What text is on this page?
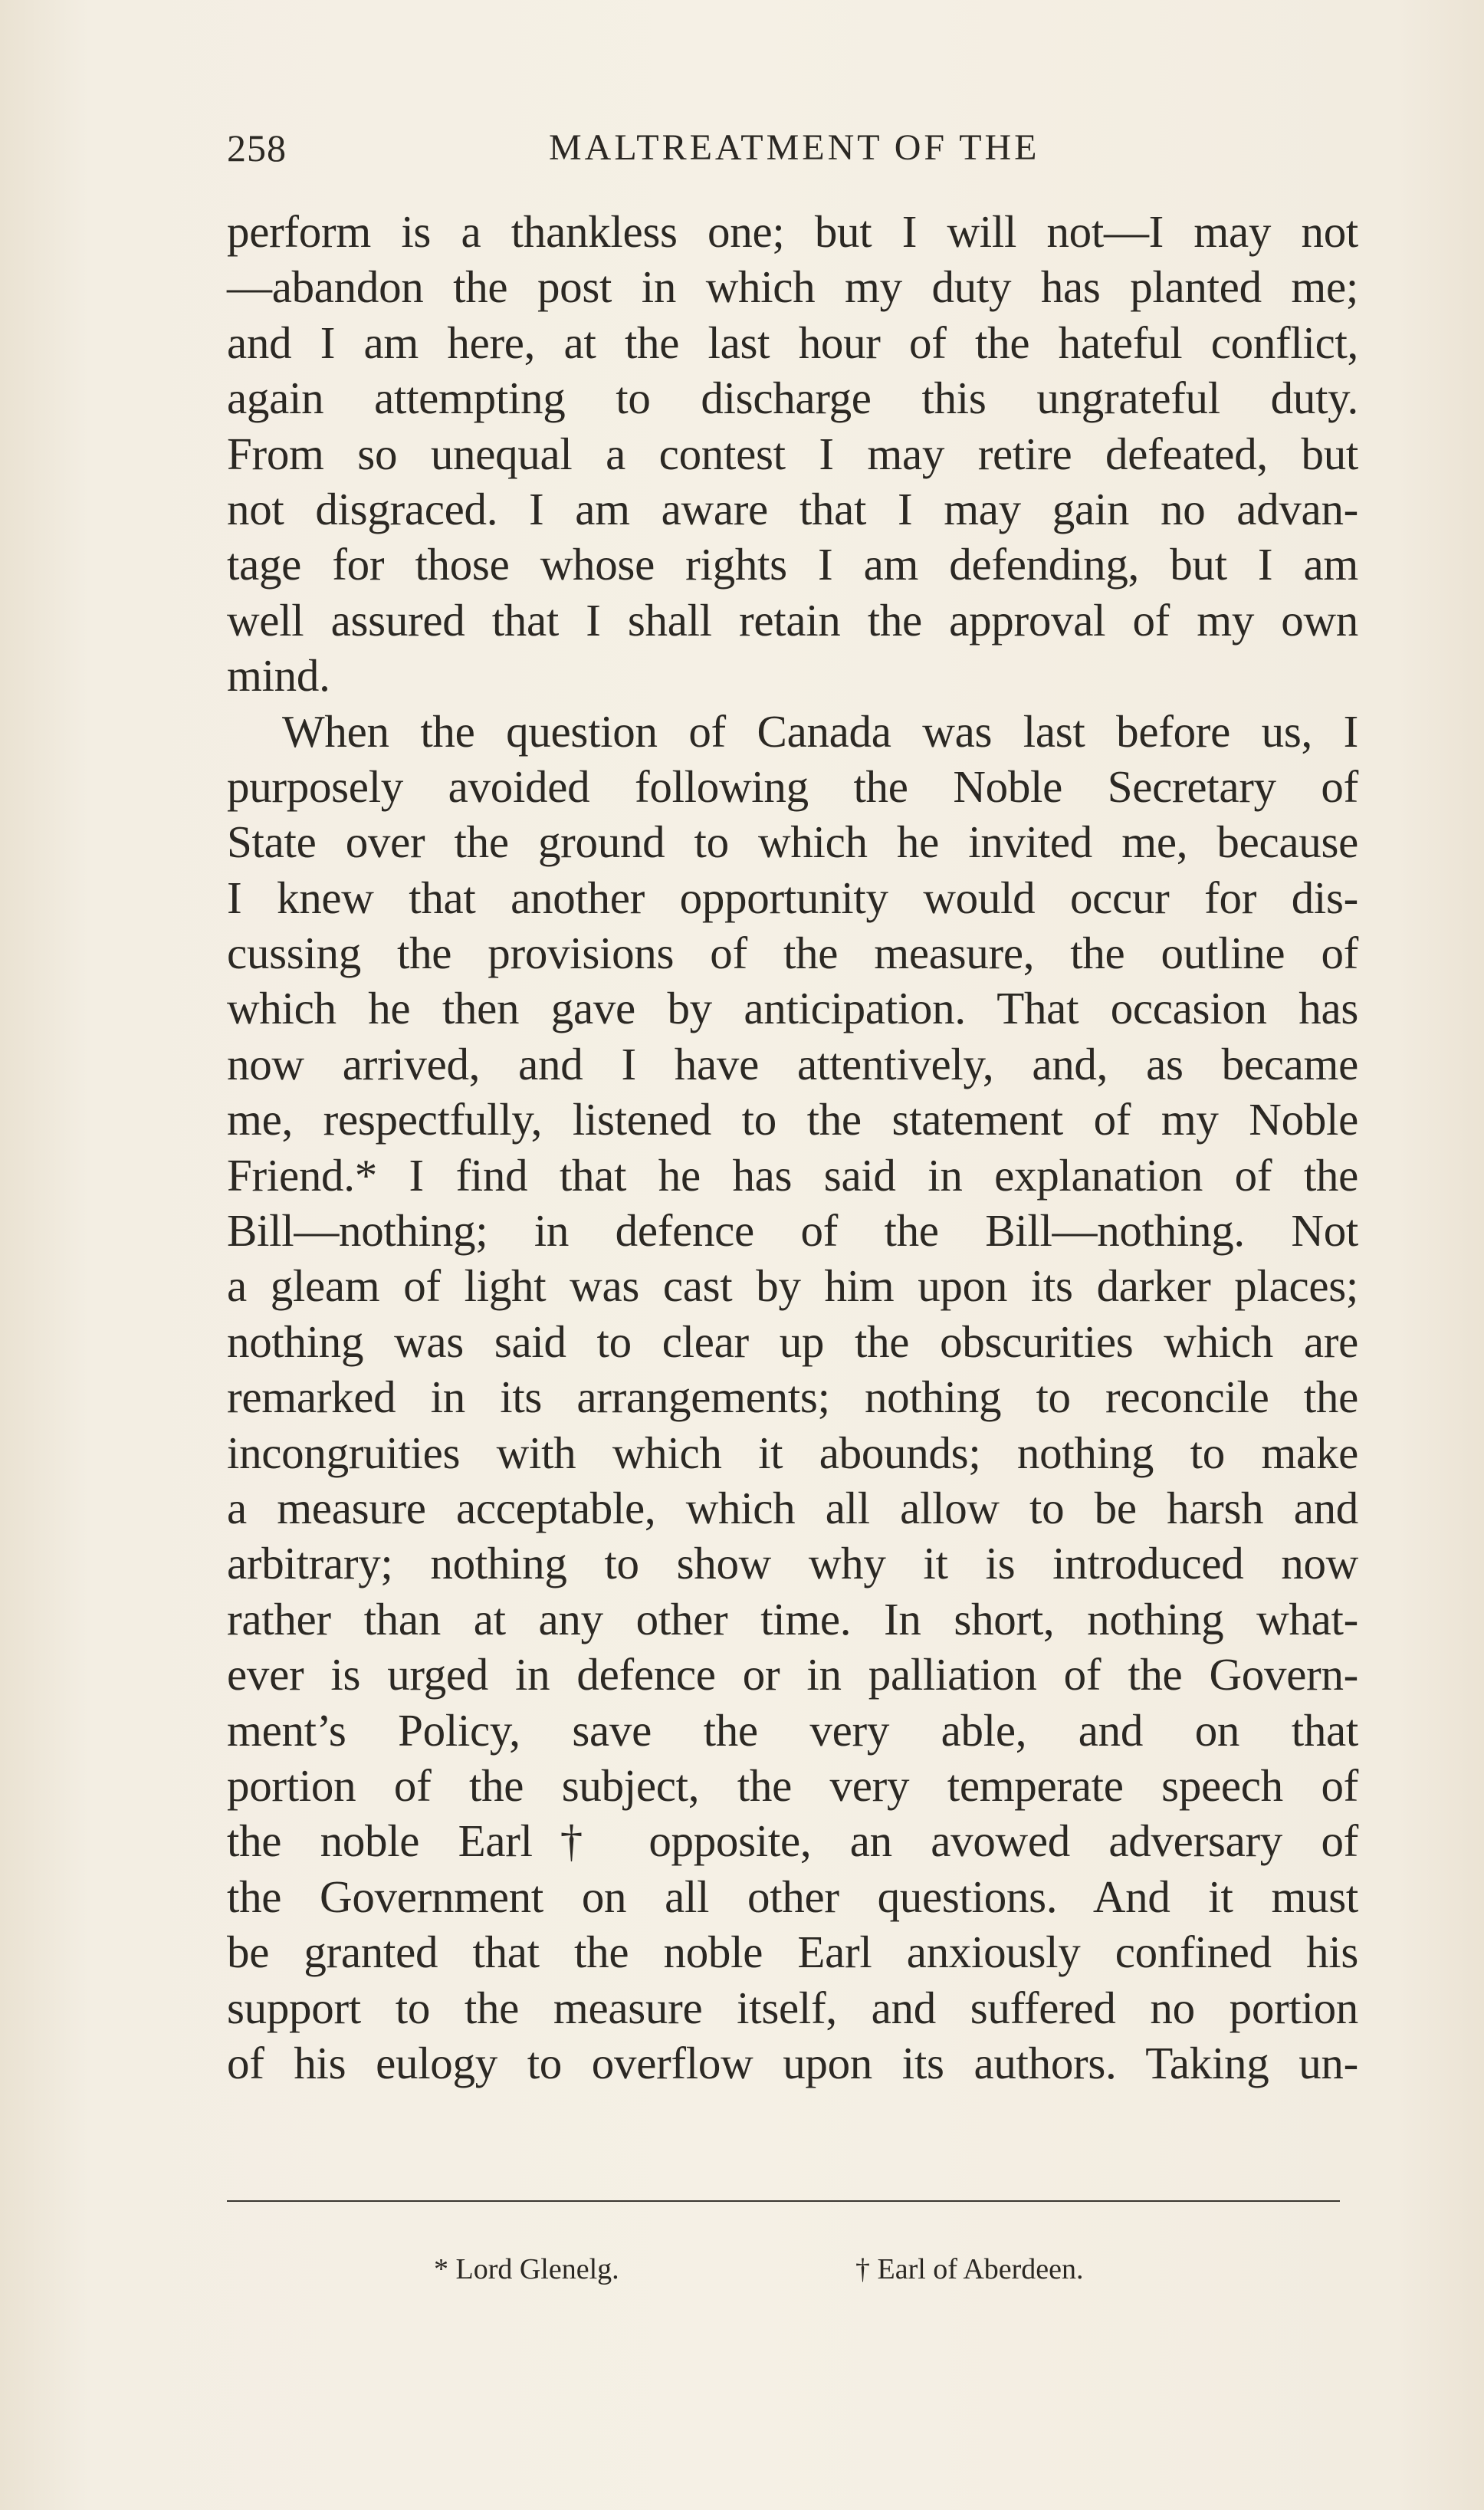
258	MALTREATMENT OF THE
perform is a thankless one; but I will not—I may not
—abandon the post in which my duty has planted me;
and I am here, at the last hour of the hateful conflict,
again attempting to discharge this ungrateful duty.
From so unequal a contest I may retire defeated, but
not disgraced. I am aware that I may gain no advan-
tage for those whose rights I am defending, but I am
well assured that I shall retain the approval of my own
mind.
When the question of Canada was last before us, I
purposely avoided following the Noble Secretary of
State over the ground to which he invited me, because
I knew that another opportunity would occur for dis-
cussing the provisions of the measure, the outline of
which he then gave by anticipation. That occasion has
now arrived, and I have attentively, and, as became
me, respectfully, listened to the statement of my Noble
Friend.* I find that he has said in explanation of the
Bill—nothing; in defence of the Bill—nothing. Not
a gleam of light was cast by him upon its darker places;
nothing was said to clear up the obscurities which are
remarked in its arrangements; nothing to reconcile the
incongruities with which it abounds; nothing to make
a measure acceptable, which all allow to be harsh and
arbitrary; nothing to show why it is introduced now
rather than at any other time. In short, nothing what-
ever is urged in defence or in palliation of the Govern-
ment’s Policy, save the very able, and on that
portion of the subject, the very temperate speech of
the noble Earl† opposite, an avowed adversary of
the Government on all other questions. And it must
be granted that the noble Earl anxiously confined his
support to the measure itself, and suffered no portion
of his eulogy to overflow upon its authors. Taking un-
* Lord Glenelg.	† Earl of Aberdeen.
